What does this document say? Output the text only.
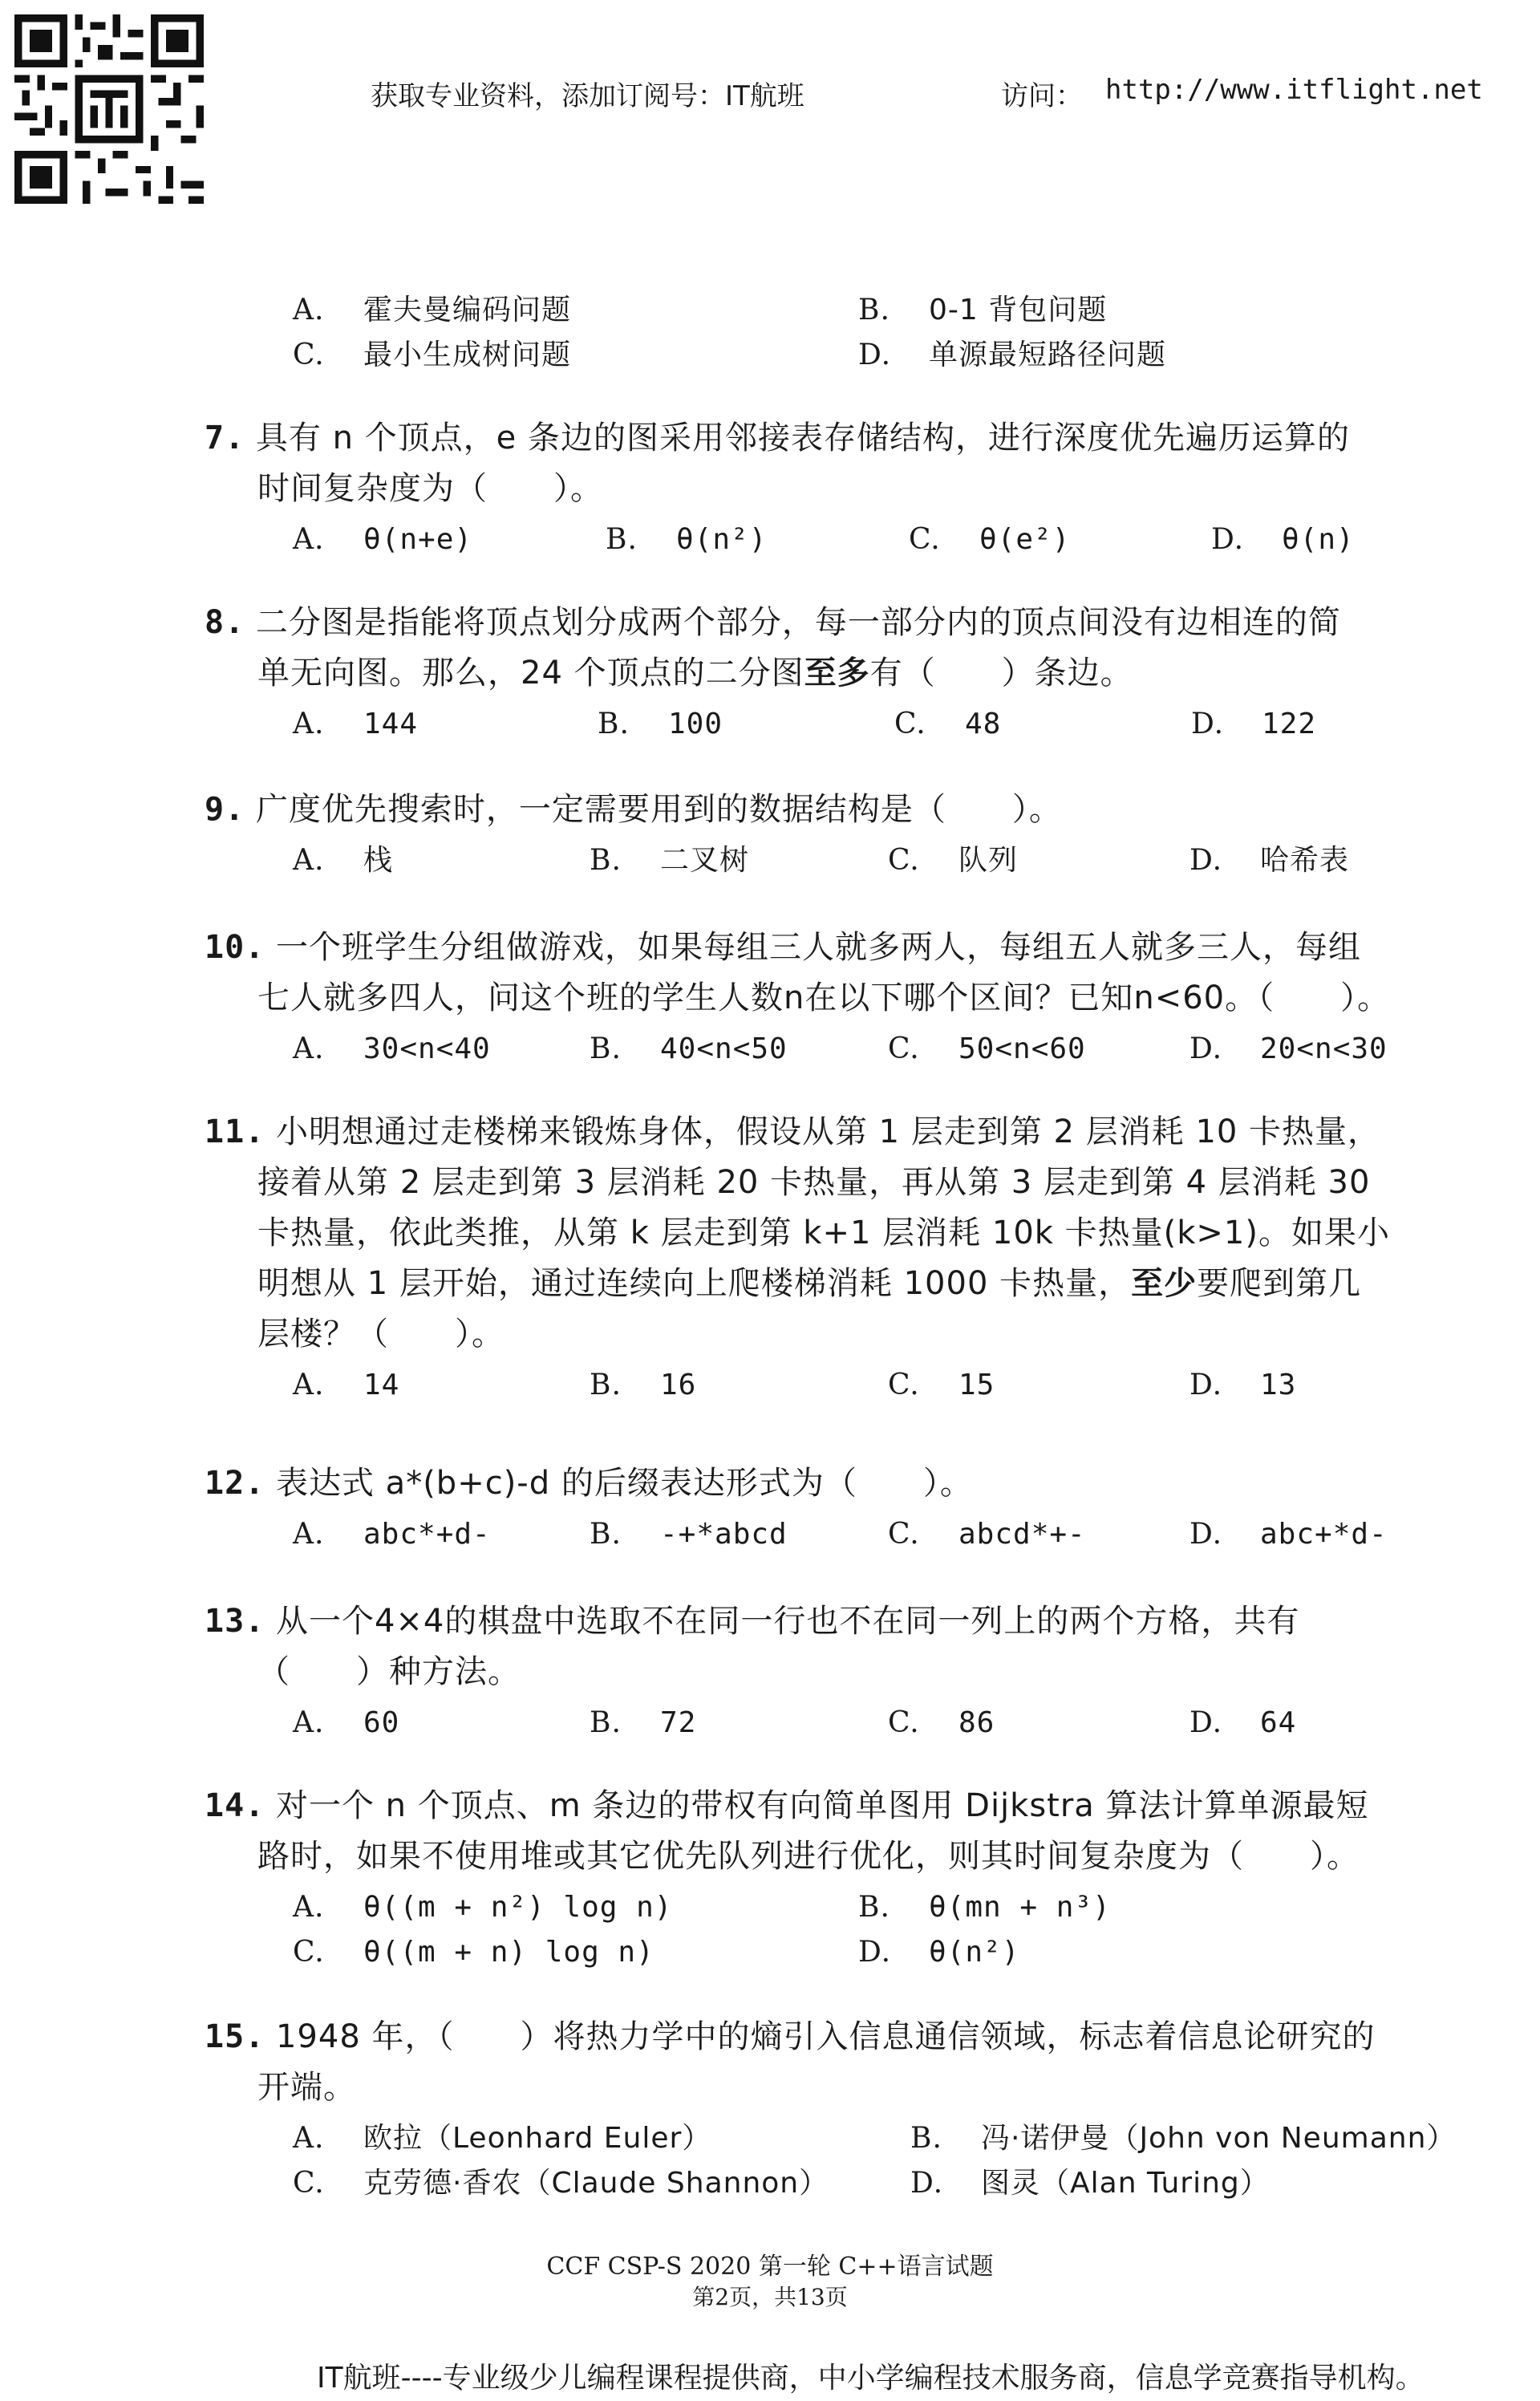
获取专业资料，添加订阅号：IT航班	访问： http://www.itflight.net
A. 霍夫曼编码问题	B. 0-1 背包问题
C. 最小生成树问题	D. 单源最短路径问题
7. 具有 n 个顶点，e 条边的图采用邻接表存储结构，进行深度优先遍历运算的
时间复杂度为（　　）。
A. θ(n+e)	B. θ(n²)	C. θ(e²)	D. θ(n)
8. 二分图是指能将顶点划分成两个部分，每一部分内的顶点间没有边相连的简
单无向图。那么，24 个顶点的二分图至多有（　　）条边。
A. 144	B. 100	C. 48	D. 122
9. 广度优先搜索时，一定需要用到的数据结构是（　　）。
A. 栈	B. 二叉树	C. 队列	D. 哈希表
10. 一个班学生分组做游戏，如果每组三人就多两人，每组五人就多三人，每组
七人就多四人，问这个班的学生人数n在以下哪个区间？已知n<60。（　　）。
A. 30<n<40	B. 40<n<50	C. 50<n<60	D. 20<n<30
11. 小明想通过走楼梯来锻炼身体，假设从第 1 层走到第 2 层消耗 10 卡热量，
接着从第 2 层走到第 3 层消耗 20 卡热量，再从第 3 层走到第 4 层消耗 30
卡热量，依此类推，从第 k 层走到第 k+1 层消耗 10k 卡热量(k>1)。如果小
明想从 1 层开始，通过连续向上爬楼梯消耗 1000 卡热量，至少要爬到第几
层楼？（　　）。
A. 14	B. 16	C. 15	D. 13
12. 表达式 a*(b+c)-d 的后缀表达形式为（　　）。
A. abc*+d-	B. -+*abcd	C. abcd*+-	D. abc+*d-
13. 从一个4×4的棋盘中选取不在同一行也不在同一列上的两个方格，共有
（　　）种方法。
A. 60	B. 72	C. 86	D. 64
14. 对一个 n 个顶点、m 条边的带权有向简单图用 Dijkstra 算法计算单源最短
路时，如果不使用堆或其它优先队列进行优化，则其时间复杂度为（　　）。
A. θ((m + n²) log n)	B. θ(mn + n³)
C. θ((m + n) log n)	D. θ(n²)
15. 1948 年，（　　）将热力学中的熵引入信息通信领域，标志着信息论研究的
开端。
A. 欧拉（Leonhard Euler）	B. 冯·诺伊曼（John von Neumann）
C. 克劳德·香农（Claude Shannon）	D. 图灵（Alan Turing）
CCF CSP-S 2020 第一轮 C++语言试题
第2页，共13页
IT航班----专业级少儿编程课程提供商，中小学编程技术服务商，信息学竞赛指导机构。
